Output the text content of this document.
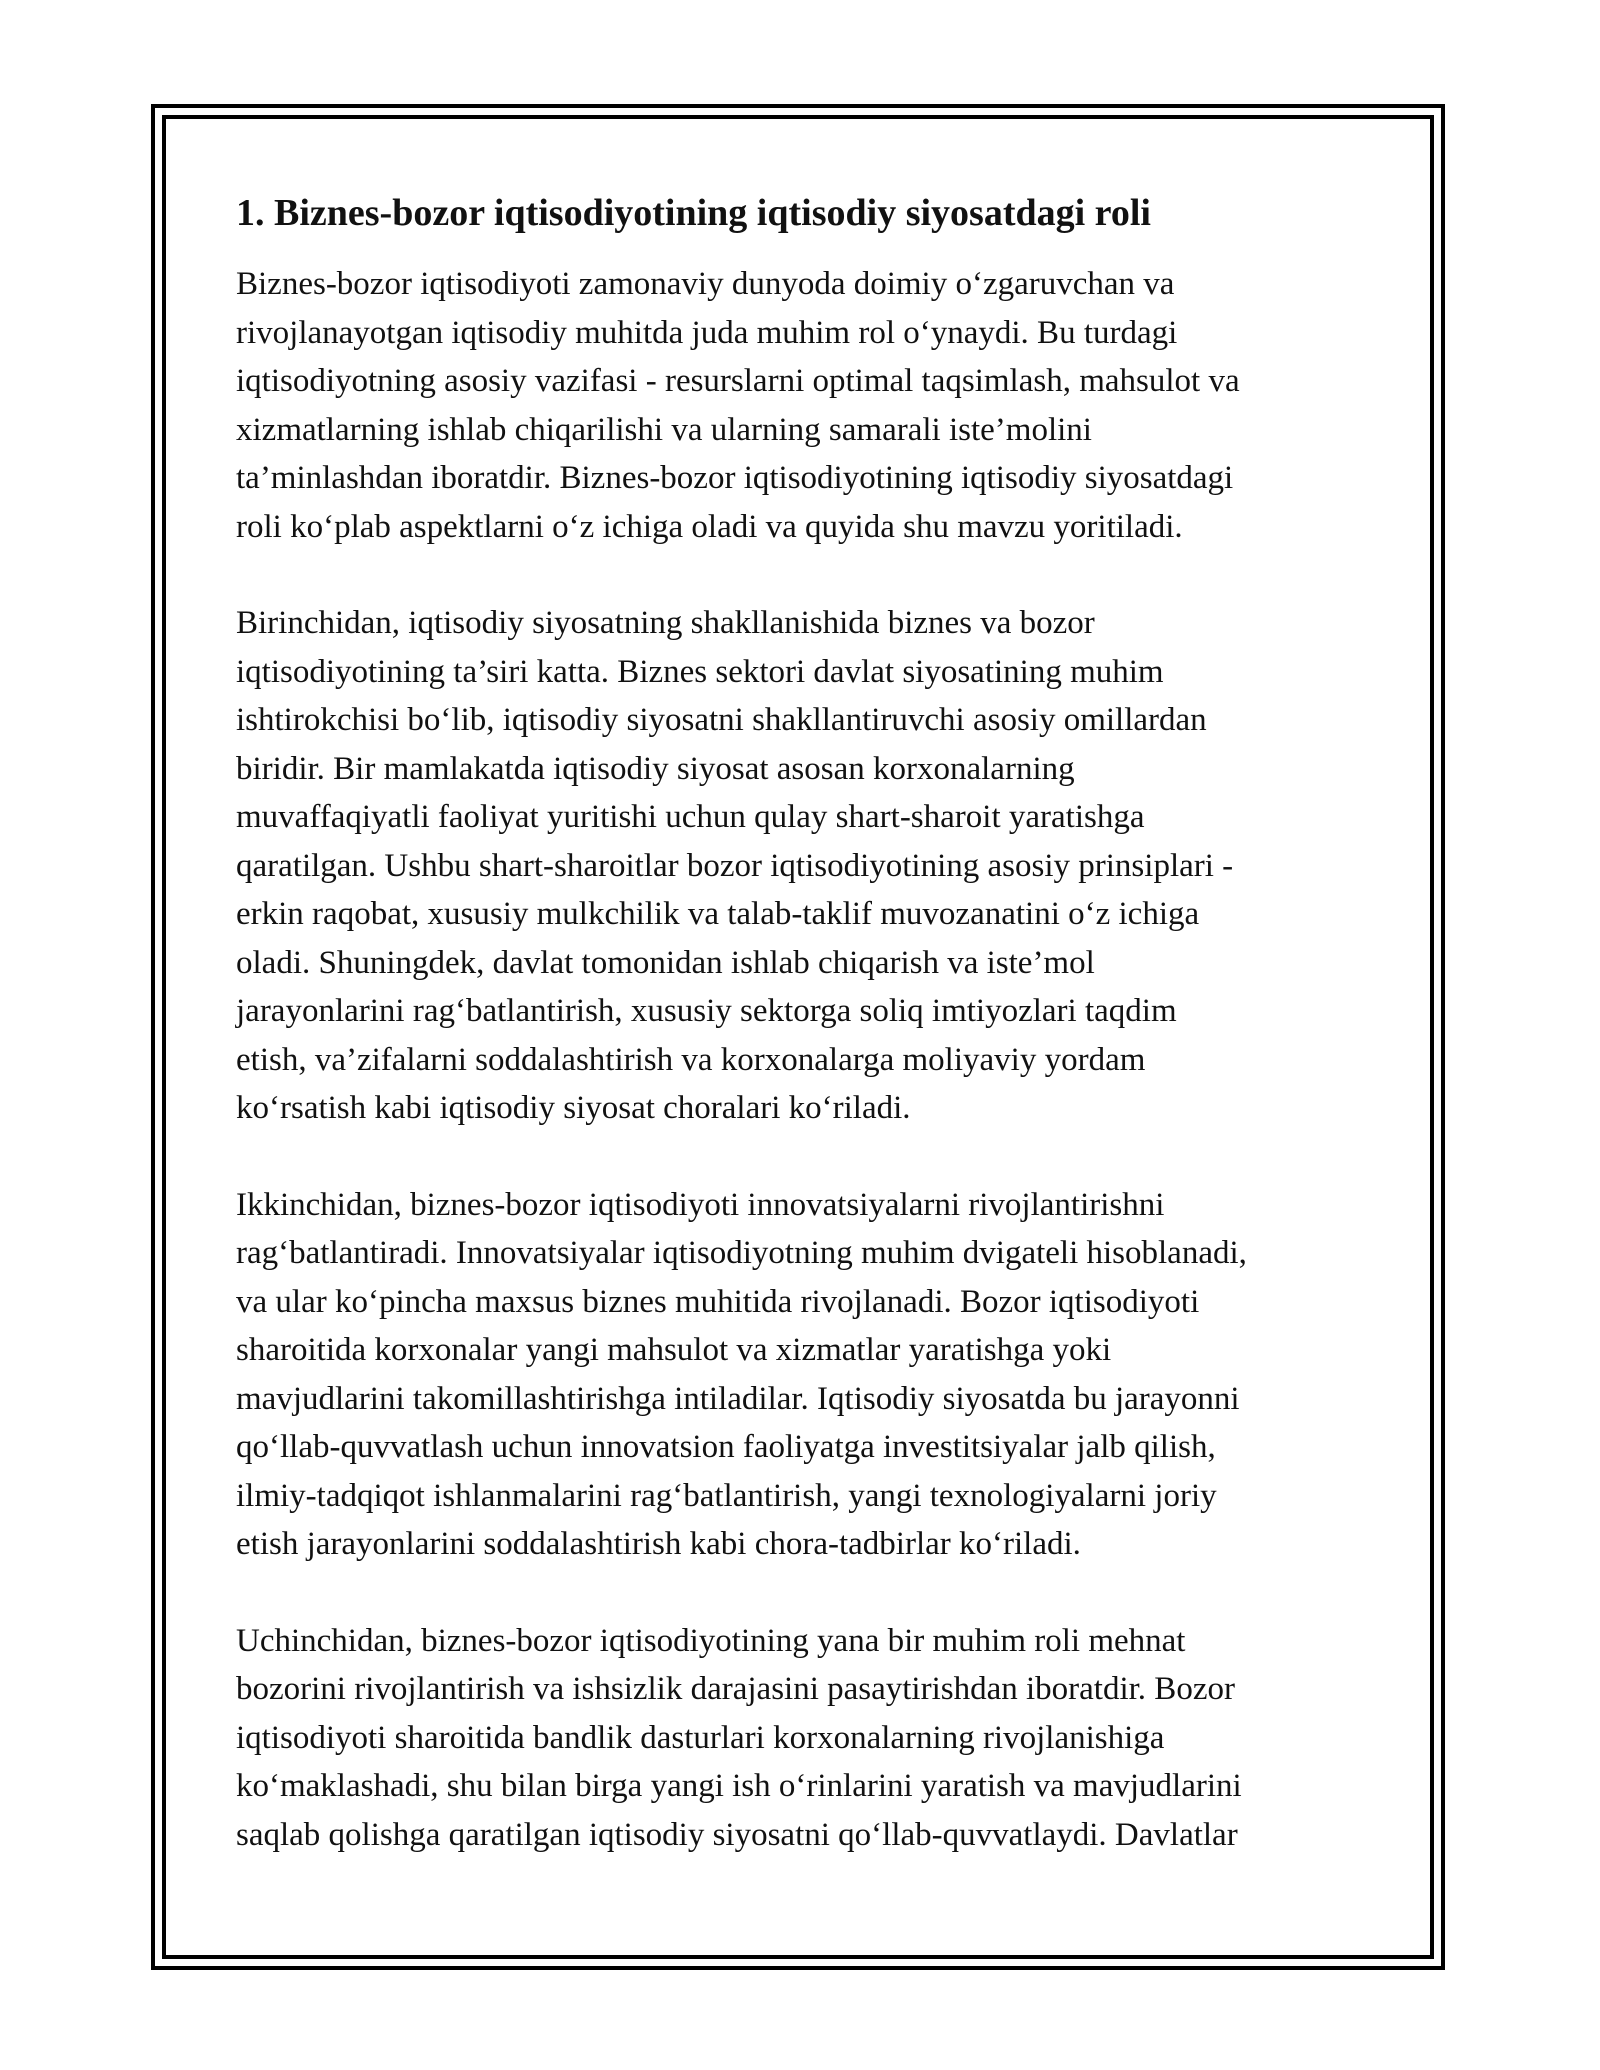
1. Biznes-bozor iqtisodiyotining iqtisodiy siyosatdagi roli
Biznes-bozor iqtisodiyoti zamonaviy dunyoda doimiy o‘zgaruvchan va
rivojlanayotgan iqtisodiy muhitda juda muhim rol o‘ynaydi. Bu turdagi
iqtisodiyotning asosiy vazifasi - resurslarni optimal taqsimlash, mahsulot va
xizmatlarning ishlab chiqarilishi va ularning samarali iste’molini
ta’minlashdan iboratdir. Biznes-bozor iqtisodiyotining iqtisodiy siyosatdagi
roli ko‘plab aspektlarni o‘z ichiga oladi va quyida shu mavzu yoritiladi.
Birinchidan, iqtisodiy siyosatning shakllanishida biznes va bozor
iqtisodiyotining ta’siri katta. Biznes sektori davlat siyosatining muhim
ishtirokchisi bo‘lib, iqtisodiy siyosatni shakllantiruvchi asosiy omillardan
biridir. Bir mamlakatda iqtisodiy siyosat asosan korxonalarning
muvaffaqiyatli faoliyat yuritishi uchun qulay shart-sharoit yaratishga
qaratilgan. Ushbu shart-sharoitlar bozor iqtisodiyotining asosiy prinsiplari -
erkin raqobat, xususiy mulkchilik va talab-taklif muvozanatini o‘z ichiga
oladi. Shuningdek, davlat tomonidan ishlab chiqarish va iste’mol
jarayonlarini rag‘batlantirish, xususiy sektorga soliq imtiyozlari taqdim
etish, va’zifalarni soddalashtirish va korxonalarga moliyaviy yordam
ko‘rsatish kabi iqtisodiy siyosat choralari ko‘riladi.
Ikkinchidan, biznes-bozor iqtisodiyoti innovatsiyalarni rivojlantirishni
rag‘batlantiradi. Innovatsiyalar iqtisodiyotning muhim dvigateli hisoblanadi,
va ular ko‘pincha maxsus biznes muhitida rivojlanadi. Bozor iqtisodiyoti
sharoitida korxonalar yangi mahsulot va xizmatlar yaratishga yoki
mavjudlarini takomillashtirishga intiladilar. Iqtisodiy siyosatda bu jarayonni
qo‘llab-quvvatlash uchun innovatsion faoliyatga investitsiyalar jalb qilish,
ilmiy-tadqiqot ishlanmalarini rag‘batlantirish, yangi texnologiyalarni joriy
etish jarayonlarini soddalashtirish kabi chora-tadbirlar ko‘riladi.
Uchinchidan, biznes-bozor iqtisodiyotining yana bir muhim roli mehnat
bozorini rivojlantirish va ishsizlik darajasini pasaytirishdan iboratdir. Bozor
iqtisodiyoti sharoitida bandlik dasturlari korxonalarning rivojlanishiga
ko‘maklashadi, shu bilan birga yangi ish o‘rinlarini yaratish va mavjudlarini
saqlab qolishga qaratilgan iqtisodiy siyosatni qo‘llab-quvvatlaydi. Davlatlar
